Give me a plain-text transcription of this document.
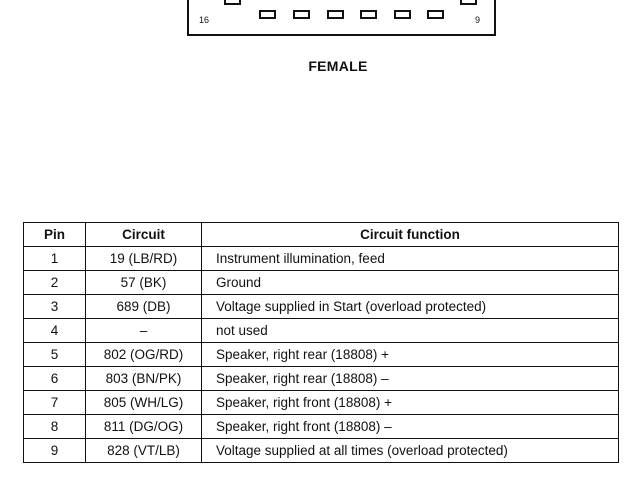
16	9
FEMALE
Pin	Circuit	Circuit function
1	19 (LB/RD)	Instrument illumination, feed
2	57 (BK)	Ground
3	689 (DB)	Voltage supplied in Start (overload protected)
4	–	not used
5	802 (OG/RD)	Speaker, right rear (18808) +
6	803 (BN/PK)	Speaker, right rear (18808) –
7	805 (WH/LG)	Speaker, right front (18808) +
8	811 (DG/OG)	Speaker, right front (18808) –
9	828 (VT/LB)	Voltage supplied at all times (overload protected)
